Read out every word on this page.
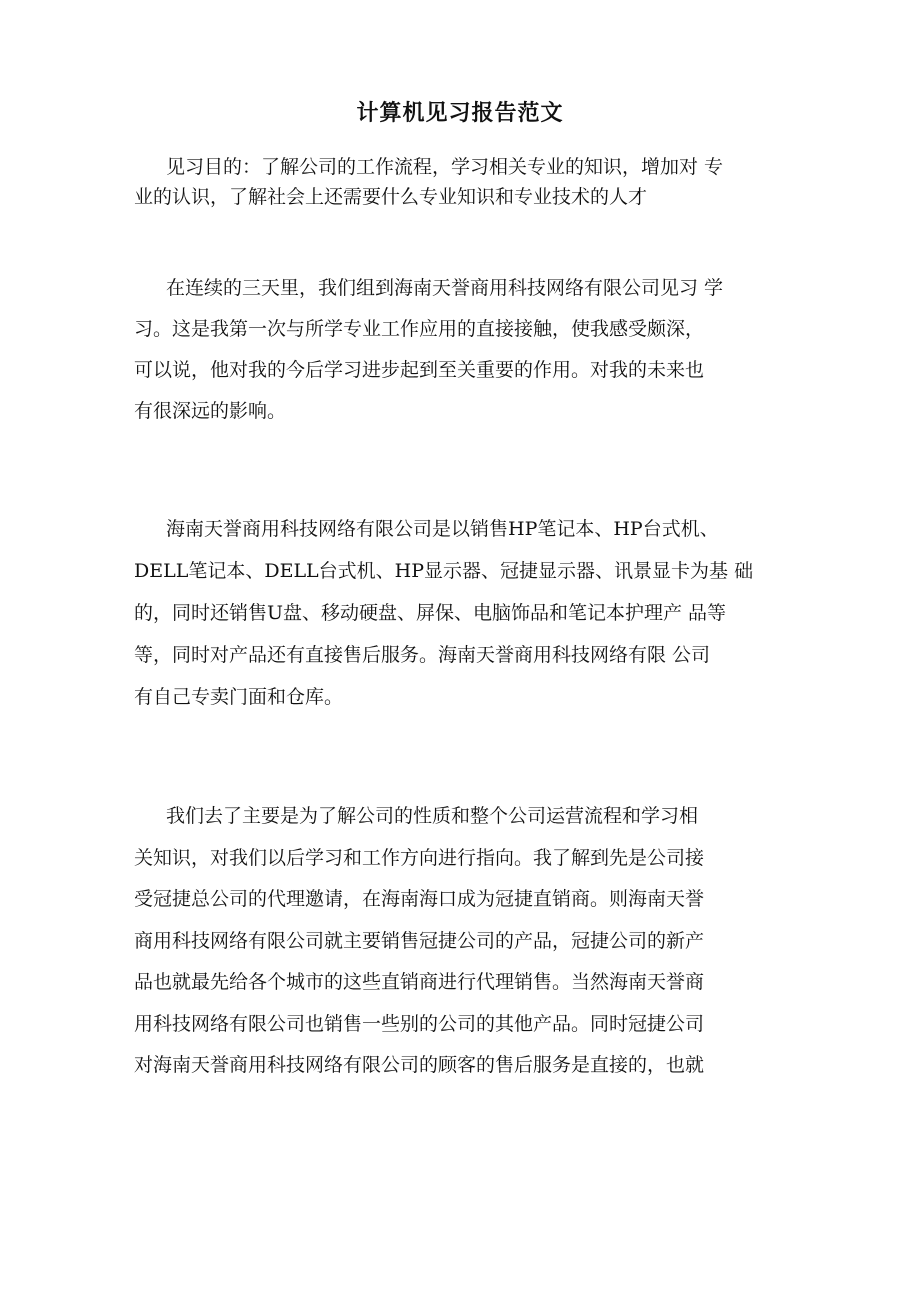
计算机见习报告范文
见习目的：了解公司的工作流程，学习相关专业的知识，增加对 专
业的认识，了解社会上还需要什么专业知识和专业技术的人才
在连续的三天里，我们组到海南天誉商用科技网络有限公司见习 学
习。这是我第一次与所学专业工作应用的直接接触，使我感受颇深，
可以说，他对我的今后学习进步起到至关重要的作用。对我的未来也
有很深远的影响。
海南天誉商用科技网络有限公司是以销售HP笔记本、HP台式机、
DELL笔记本、DELL台式机、HP显示器、冠捷显示器、讯景显卡为基 础
的，同时还销售U盘、移动硬盘、屏保、电脑饰品和笔记本护理产 品等
等，同时对产品还有直接售后服务。海南天誉商用科技网络有限 公司
有自己专卖门面和仓库。
我们去了主要是为了解公司的性质和整个公司运营流程和学习相
关知识，对我们以后学习和工作方向进行指向。我了解到先是公司接
受冠捷总公司的代理邀请，在海南海口成为冠捷直销商。则海南天誉
商用科技网络有限公司就主要销售冠捷公司的产品，冠捷公司的新产
品也就最先给各个城市的这些直销商进行代理销售。当然海南天誉商
用科技网络有限公司也销售一些别的公司的其他产品。同时冠捷公司
对海南天誉商用科技网络有限公司的顾客的售后服务是直接的，也就
